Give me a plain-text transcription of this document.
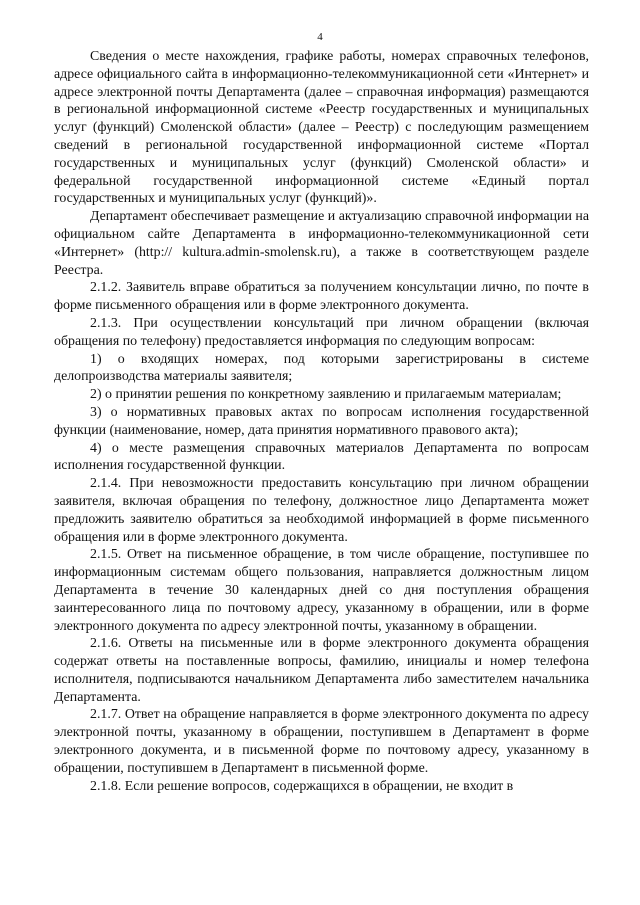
4

Сведения о месте нахождения, графике работы, номерах справочных телефонов, адресе официального сайта в информационно-телекоммуникационной сети «Интернет» и адресе электронной почты Департамента (далее – справочная информация) размещаются в региональной информационной системе «Реестр государственных и муниципальных услуг (функций) Смоленской области» (далее – Реестр) с последующим размещением сведений в региональной государственной информационной системе «Портал государственных и муниципальных услуг (функций) Смоленской области» и федеральной государственной информационной системе «Единый портал государственных и муниципальных услуг (функций)».

Департамент обеспечивает размещение и актуализацию справочной информации на официальном сайте Департамента в информационно-телекоммуникационной сети «Интернет» (http:// kultura.admin-smolensk.ru), а также в соответствующем разделе Реестра.

2.1.2. Заявитель вправе обратиться за получением консультации лично, по почте в форме письменного обращения или в форме электронного документа.

2.1.3. При осуществлении консультаций при личном обращении (включая обращения по телефону) предоставляется информация по следующим вопросам:

1) о входящих номерах, под которыми зарегистрированы в системе делопроизводства материалы заявителя;

2) о принятии решения по конкретному заявлению и прилагаемым материалам;

3) о нормативных правовых актах по вопросам исполнения государственной функции (наименование, номер, дата принятия нормативного правового акта);

4) о месте размещения справочных материалов Департамента по вопросам исполнения государственной функции.

2.1.4. При невозможности предоставить консультацию при личном обращении заявителя, включая обращения по телефону, должностное лицо Департамента может предложить заявителю обратиться за необходимой информацией в форме письменного обращения или в форме электронного документа.

2.1.5. Ответ на письменное обращение, в том числе обращение, поступившее по информационным системам общего пользования, направляется должностным лицом Департамента в течение 30 календарных дней со дня поступления обращения заинтересованного лица по почтовому адресу, указанному в обращении, или в форме электронного документа по адресу электронной почты, указанному в обращении.

2.1.6. Ответы на письменные или в форме электронного документа обращения содержат ответы на поставленные вопросы, фамилию, инициалы и номер телефона исполнителя, подписываются начальником Департамента либо заместителем начальника Департамента.

2.1.7. Ответ на обращение направляется в форме электронного документа по адресу электронной почты, указанному в обращении, поступившем в Департамент в форме электронного документа, и в письменной форме по почтовому адресу, указанному в обращении, поступившем в Департамент в письменной форме.

2.1.8. Если решение вопросов, содержащихся в обращении, не входит в
